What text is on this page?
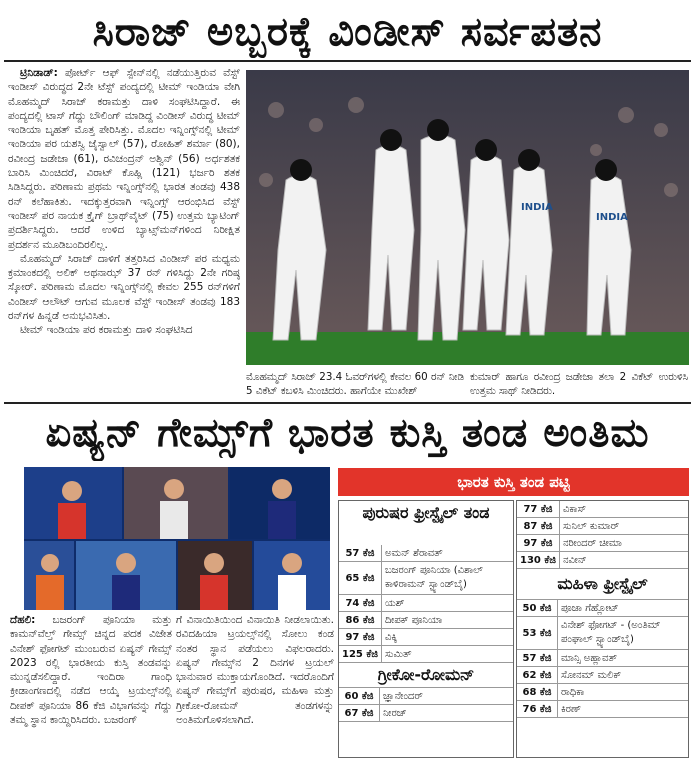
ಸಿರಾಜ್ ಅಬ್ಬರಕ್ಕೆ ವಿಂಡೀಸ್ ಸರ್ವಪತನ

ಟ್ರಿನಿಡಾಡ್: ಪೋರ್ಟ್ ಆಫ್ ಸ್ಪೇನ್‌ನಲ್ಲಿ ನಡೆಯುತ್ತಿರುವ ವೆಸ್ಟ್ ಇಂಡೀಸ್ ವಿರುದ್ಧದ 2ನೇ ಟೆಸ್ಟ್ ಪಂದ್ಯದಲ್ಲಿ ಟೀಮ್ ಇಂಡಿಯಾ ವೇಗಿ ಮೊಹಮ್ಮದ್ ಸಿರಾಜ್ ಕರಾಮತ್ತು ದಾಳಿ ಸಂಘಟಿಸಿದ್ದಾರೆ. ಈ ಪಂದ್ಯದಲ್ಲಿ ಟಾಸ್ ಗೆದ್ದು ಬೌಲಿಂಗ್ ಮಾಡಿದ್ದ ವಿಂಡೀಸ್ ವಿರುದ್ಧ ಟೀಮ್ ಇಂಡಿಯಾ ಬೃಹತ್ ಮೊತ್ತ ಪೇರಿಸಿತ್ತು. ಮೊದಲ ಇನ್ನಿಂಗ್ಸ್‌ನಲ್ಲಿ ಟೀಮ್ ಇಂಡಿಯಾ ಪರ ಯಶಸ್ವಿ ಜೈಸ್ವಾಲ್ (57), ರೋಹಿತ್ ಶರ್ಮಾ (80), ರವೀಂದ್ರ ಜಡೇಜಾ (61), ರವಿಚಂದ್ರನ್ ಅಶ್ವಿನ್ (56) ಅರ್ಧಶತಕ ಬಾರಿಸಿ ಮಿಂಚಿದರೆ, ವಿರಾಟ್ ಕೊಹ್ಲಿ (121) ಭರ್ಜರಿ ಶತಕ ಸಿಡಿಸಿದ್ದರು. ಪರಿಣಾಮ ಪ್ರಥಮ ಇನ್ನಿಂಗ್ಸ್‌ನಲ್ಲಿ ಭಾರತ ತಂಡವು 438 ರನ್ ಕಲೆಹಾಕಿತು. ಇದಕ್ಕುತ್ತರವಾಗಿ ಇನ್ನಿಂಗ್ಸ್ ಆರಂಭಿಸಿದ ವೆಸ್ಟ್ ಇಂಡೀಸ್ ಪರ ನಾಯಕ ಕ್ರೈಗ್ ಬ್ರಾಥ್‌ವೈಟ್ (75) ಉತ್ತಮ ಬ್ಯಾಟಿಂಗ್ ಪ್ರದರ್ಶಿಸಿದ್ದರು. ಆದರೆ ಉಳಿದ ಬ್ಯಾಟ್ಸ್‌ಮನ್‌ಗಳಿಂದ ನಿರೀಕ್ಷಿತ ಪ್ರದರ್ಶನ ಮೂಡಿಬಂದಿರಲಿಲ್ಲ.

ಮೊಹಮ್ಮದ್ ಸಿರಾಜ್ ದಾಳಿಗೆ ತತ್ತರಿಸಿದ ವಿಂಡೀಸ್ ಪರ ಮಧ್ಯಮ ಕ್ರಮಾಂಕದಲ್ಲಿ ಅಲಿಕ್ ಅಥನಾಝ್ 37 ರನ್ ಗಳಿಸಿದ್ದು 2ನೇ ಗರಿಷ್ಠ ಸ್ಕೋರ್. ಪರಿಣಾಮ ಮೊದಲ ಇನ್ನಿಂಗ್ಸ್‌ನಲ್ಲಿ ಕೇವಲ 255 ರನ್‌ಗಳಿಗೆ ವಿಂಡೀಸ್ ಆಲೌಟ್ ಆಗುವ ಮೂಲಕ ವೆಸ್ಟ್ ಇಂಡೀಸ್ ತಂಡವು 183 ರನ್‌ಗಳ ಹಿನ್ನಡೆ ಅನುಭವಿಸಿತು.

ಟೀಮ್ ಇಂಡಿಯಾ ಪರ ಕರಾಮತ್ತು ದಾಳಿ ಸಂಘಟಿಸಿದ

INDIA
INDIA
ಮೊಹಮ್ಮದ್ ಸಿರಾಜ್ 23.4 ಓವರ್‌ಗಳಲ್ಲಿ ಕೇವಲ 60 ರನ್ ನೀಡಿ 5 ವಿಕೆಟ್ ಕಬಳಿಸಿ ಮಿಂಚಿದರು. ಹಾಗೆಯೇ ಮುಖೇಶ್
ಕುಮಾರ್ ಹಾಗೂ ರವೀಂದ್ರ ಜಡೇಜಾ ತಲಾ 2 ವಿಕೆಟ್ ಉರುಳಿಸಿ ಉತ್ತಮ ಸಾಥ್ ನೀಡಿದರು.
ಏಷ್ಯನ್ ಗೇಮ್ಸ್‌ಗೆ ಭಾರತ ಕುಸ್ತಿ ತಂಡ ಅಂತಿಮ

ದೆಹಲಿ: ಬಜರಂಗ್ ಪೂನಿಯಾ ಮತ್ತು ಕಾಮನ್‌ವೆಲ್ತ್ ಗೇಮ್ಸ್ ಚಿನ್ನದ ಪದಕ ವಿಜೇತ ವಿನೇಶ್ ಫೋಗಟ್ ಮುಂಬರುವ ಏಷ್ಯನ್ ಗೇಮ್ಸ್ 2023 ರಲ್ಲಿ ಭಾರತೀಯ ಕುಸ್ತಿ ತಂಡವನ್ನು ಮುನ್ನಡೆಸಲಿದ್ದಾರೆ. ಇಂದಿರಾ ಗಾಂಧಿ ಕ್ರೀಡಾಂಗಣದಲ್ಲಿ ನಡೆದ ಆಯ್ಕೆ ಟ್ರಯಲ್ಸ್‌ನಲ್ಲಿ ದೀಪಕ್ ಪೂನಿಯಾ 86 ಕೆಜಿ ವಿಭಾಗವನ್ನು ಗೆದ್ದು ತಮ್ಮ ಸ್ಥಾನ ಕಾಯ್ದಿರಿಸಿದರು. ಬಜರಂಗ್

ಗೆ ವಿನಾಯಿತಿಯಿಂದ ವಿನಾಯಿತಿ ನೀಡಲಾಯಿತು. ರವಿದಹಿಯಾ ಟ್ರಯಲ್ಸ್‌ನಲ್ಲಿ ಸೋಲು ಕಂಡ ನಂತರ ಸ್ಥಾನ ಪಡೆಯಲು ವಿಫಲರಾದರು. ಏಷ್ಯನ್ ಗೇಮ್ಸ್‌ನ 2 ದಿನಗಳ ಟ್ರಯಲ್ ಭಾನುವಾರ ಮುಕ್ತಾಯಗೊಂಡಿದೆ. ಇದರೊಂದಿಗೆ ಏಷ್ಯನ್ ಗೇಮ್ಸ್‌ಗೆ ಪುರುಷರ, ಮಹಿಳಾ ಮತ್ತು ಗ್ರೀಕೋ-ರೋಮನ್ ತಂಡಗಳನ್ನು ಅಂತಿಮಗೊಳಿಸಲಾಗಿದೆ.

ಭಾರತ ಕುಸ್ತಿ ತಂಡ ಪಟ್ಟಿ
ಪುರುಷರ ಫ್ರೀಸ್ಟೈಲ್ ತಂಡ
57 ಕೆಜಿ	ಅಮನ್ ಶೆರಾವತ್
65 ಕೆಜಿ	ಬಜರಂಗ್ ಪೂನಿಯಾ (ವಿಶಾಲ್ ಕಾಳಿರಾಮನ್ ಸ್ಟ್ಯಾಂಡ್‌ಬೈ)
74 ಕೆಜಿ	ಯಶ್
86 ಕೆಜಿ	ದೀಪಕ್ ಪೂನಿಯಾ
97 ಕೆಜಿ	ವಿಕ್ಕಿ
125 ಕೆಜಿ	ಸುಮಿತ್
ಗ್ರೀಕೋ-ರೋಮನ್
60 ಕೆಜಿ	ಜ್ಞಾನೇಂದರ್
67 ಕೆಜಿ	ನೀರಜ್
77 ಕೆಜಿ	ವಿಕಾಸ್
87 ಕೆಜಿ	ಸುನಿಲ್ ಕುಮಾರ್
97 ಕೆಜಿ	ನರೀಂದರ್ ಚೀಮಾ
130 ಕೆಜಿ	ನವೀನ್
ಮಹಿಳಾ ಫ್ರೀಸ್ಟೈಲ್
50 ಕೆಜಿ	ಪೂಜಾ ಗೆಹ್ಲೋಟ್
53 ಕೆಜಿ	ವಿನೇಶ್ ಫೋಗಟ್ - (ಅಂತಿಮ್ ಪಂಘಾಲ್ ಸ್ಟ್ಯಾಂಡ್‌ಬೈ)
57 ಕೆಜಿ	ಮಾನ್ಸಿ ಅಹ್ಲಾವತ್
62 ಕೆಜಿ	ಸೋನಮ್ ಮಲಿಕ್
68 ಕೆಜಿ	ರಾಧಿಕಾ
76 ಕೆಜಿ	ಕಿರಣ್
